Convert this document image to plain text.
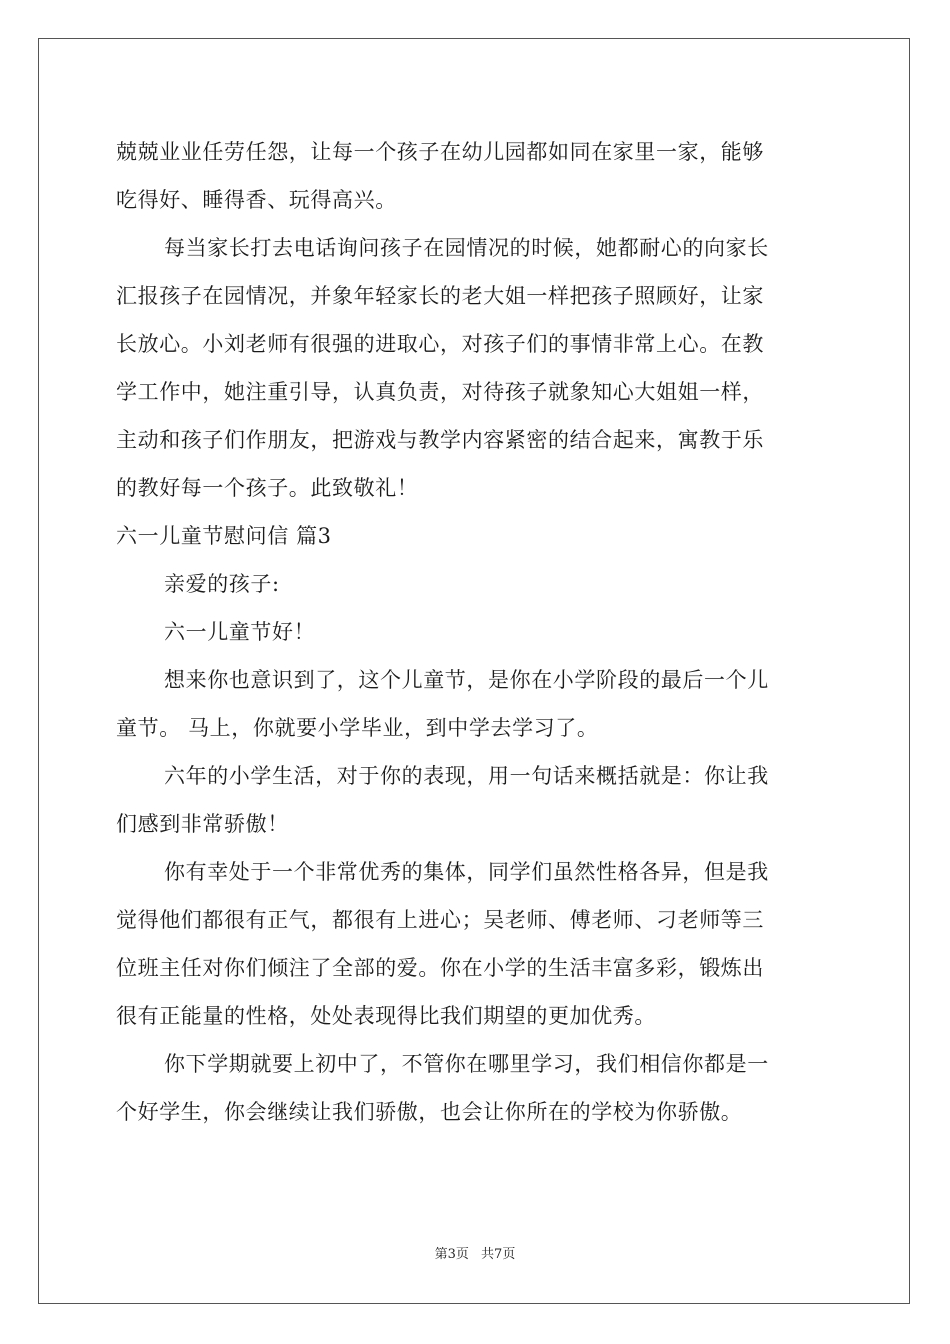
兢兢业业任劳任怨，让每一个孩子在幼儿园都如同在家里一家，能够
吃得好、睡得香、玩得高兴。
每当家长打去电话询问孩子在园情况的时候，她都耐心的向家长
汇报孩子在园情况，并象年轻家长的老大姐一样把孩子照顾好，让家
长放心。小刘老师有很强的进取心，对孩子们的事情非常上心。在教
学工作中，她注重引导，认真负责，对待孩子就象知心大姐姐一样，
主动和孩子们作朋友，把游戏与教学内容紧密的结合起来，寓教于乐
的教好每一个孩子。此致敬礼！
六一儿童节慰问信 篇3
亲爱的孩子:
六一儿童节好！
想来你也意识到了，这个儿童节，是你在小学阶段的最后一个儿
童节。 马上，你就要小学毕业，到中学去学习了。
六年的小学生活，对于你的表现，用一句话来概括就是：你让我
们感到非常骄傲！
你有幸处于一个非常优秀的集体，同学们虽然性格各异，但是我
觉得他们都很有正气，都很有上进心；吴老师、傅老师、刁老师等三
位班主任对你们倾注了全部的爱。你在小学的生活丰富多彩，锻炼出
很有正能量的性格，处处表现得比我们期望的更加优秀。
你下学期就要上初中了，不管你在哪里学习，我们相信你都是一
个好学生，你会继续让我们骄傲，也会让你所在的学校为你骄傲。
第3页 共7页
